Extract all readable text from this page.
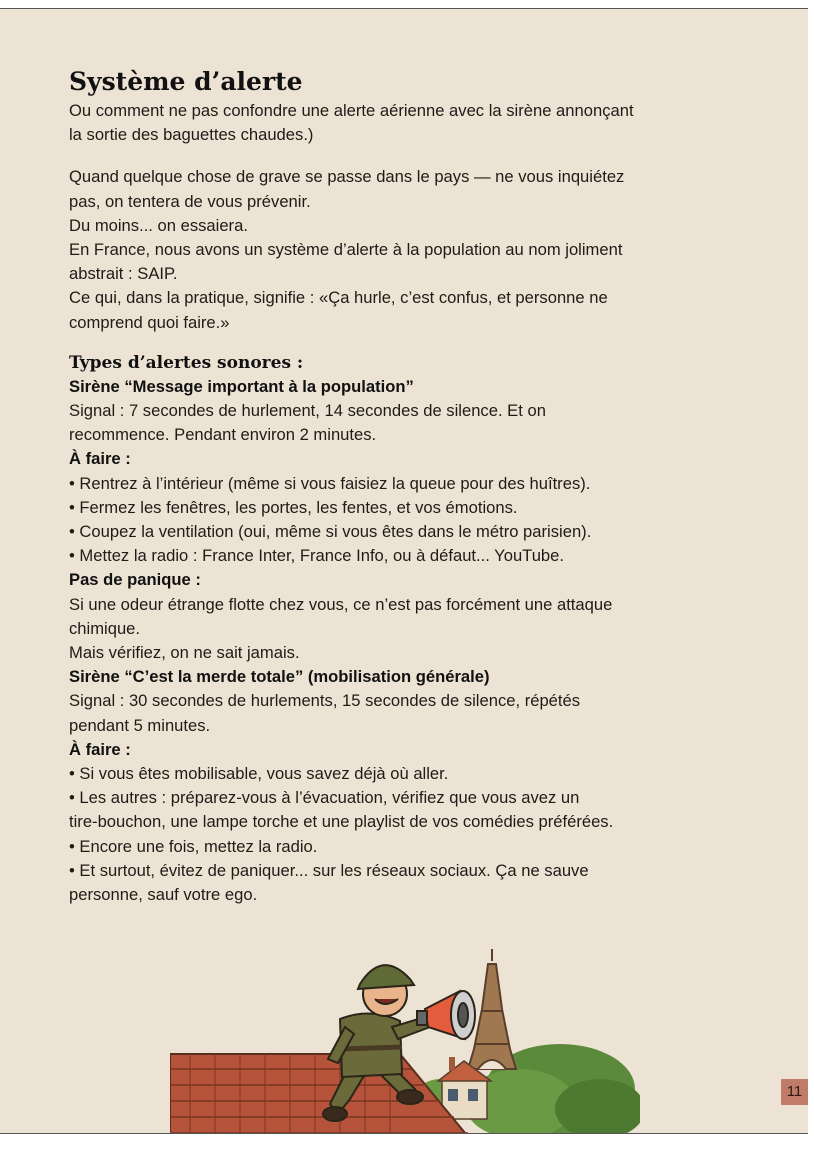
Système d’alerte

Ou comment ne pas confondre une alerte aérienne avec la sirène annonçant

la sortie des baguettes chaudes.)

Quand quelque chose de grave se passe dans le pays — ne vous inquiétez

pas, on tentera de vous prévenir.

Du moins... on essaiera.

En France, nous avons un système d’alerte à la population au nom joliment

abstrait : SAIP.

Ce qui, dans la pratique, signifie : «Ça hurle, c’est confus, et personne ne

comprend quoi faire.»

Types d’alertes sonores :

Sirène “Message important à la population”

Signal : 7 secondes de hurlement, 14 secondes de silence. Et on

recommence. Pendant environ 2 minutes.

À faire :

• Rentrez à l’intérieur (même si vous faisiez la queue pour des huîtres).

• Fermez les fenêtres, les portes, les fentes, et vos émotions.

• Coupez la ventilation (oui, même si vous êtes dans le métro parisien).

• Mettez la radio : France Inter, France Info, ou à défaut... YouTube.

Pas de panique :

Si une odeur étrange flotte chez vous, ce n’est pas forcément une attaque

chimique.

Mais vérifiez, on ne sait jamais.

Sirène “C’est la merde totale” (mobilisation générale)

Signal : 30 secondes de hurlements, 15 secondes de silence, répétés

pendant 5 minutes.

À faire :

• Si vous êtes mobilisable, vous savez déjà où aller.

• Les autres : préparez-vous à l’évacuation, vérifiez que vous avez un

tire-bouchon, une lampe torche et une playlist de vos comédies préférées.

• Encore une fois, mettez la radio.

• Et surtout, évitez de paniquer... sur les réseaux sociaux. Ça ne sauve

personne, sauf votre ego.

11
